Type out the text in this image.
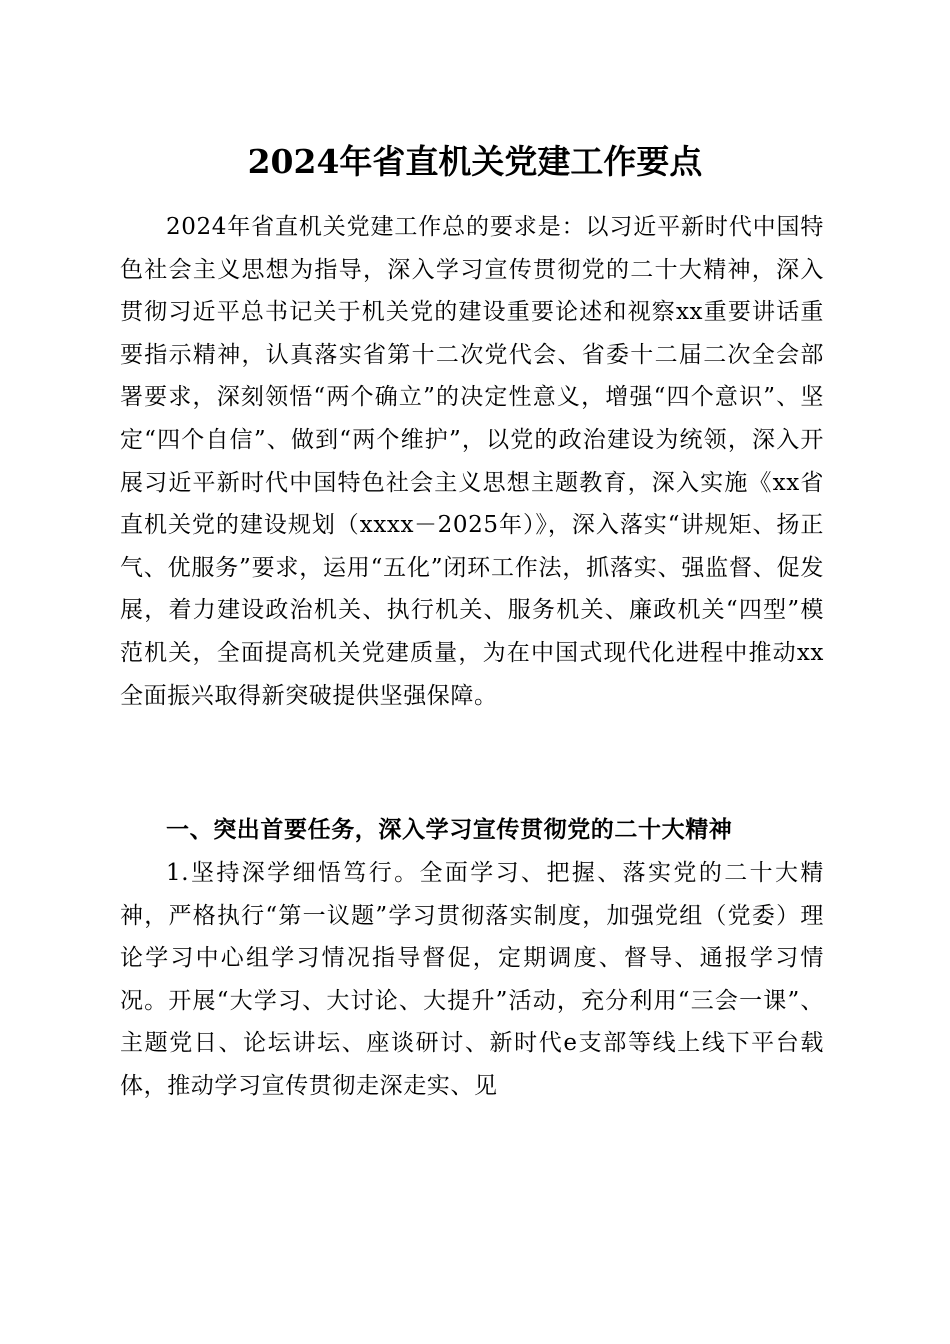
2024年省直机关党建工作要点

2024年省直机关党建工作总的要求是：以习近平新时代中国特色社会主义思想为指导，深入学习宣传贯彻党的二十大精神，深入贯彻习近平总书记关于机关党的建设重要论述和视察xx重要讲话重要指示精神，认真落实省第十二次党代会、省委十二届二次全会部署要求，深刻领悟“两个确立”的决定性意义，增强“四个意识”、坚定“四个自信”、做到“两个维护”，以党的政治建设为统领，深入开展习近平新时代中国特色社会主义思想主题教育，深入实施《xx省直机关党的建设规划（xxxx－2025年）》，深入落实“讲规矩、扬正气、优服务”要求，运用“五化”闭环工作法，抓落实、强监督、促发展，着力建设政治机关、执行机关、服务机关、廉政机关“四型”模范机关，全面提高机关党建质量，为在中国式现代化进程中推动xx全面振兴取得新突破提供坚强保障。

一、突出首要任务，深入学习宣传贯彻党的二十大精神

1.坚持深学细悟笃行。全面学习、把握、落实党的二十大精神，严格执行“第一议题”学习贯彻落实制度，加强党组（党委）理论学习中心组学习情况指导督促，定期调度、督导、通报学习情况。开展“大学习、大讨论、大提升”活动，充分利用“三会一课”、主题党日、论坛讲坛、座谈研讨、新时代e支部等线上线下平台载体，推动学习宣传贯彻走深走实、见
